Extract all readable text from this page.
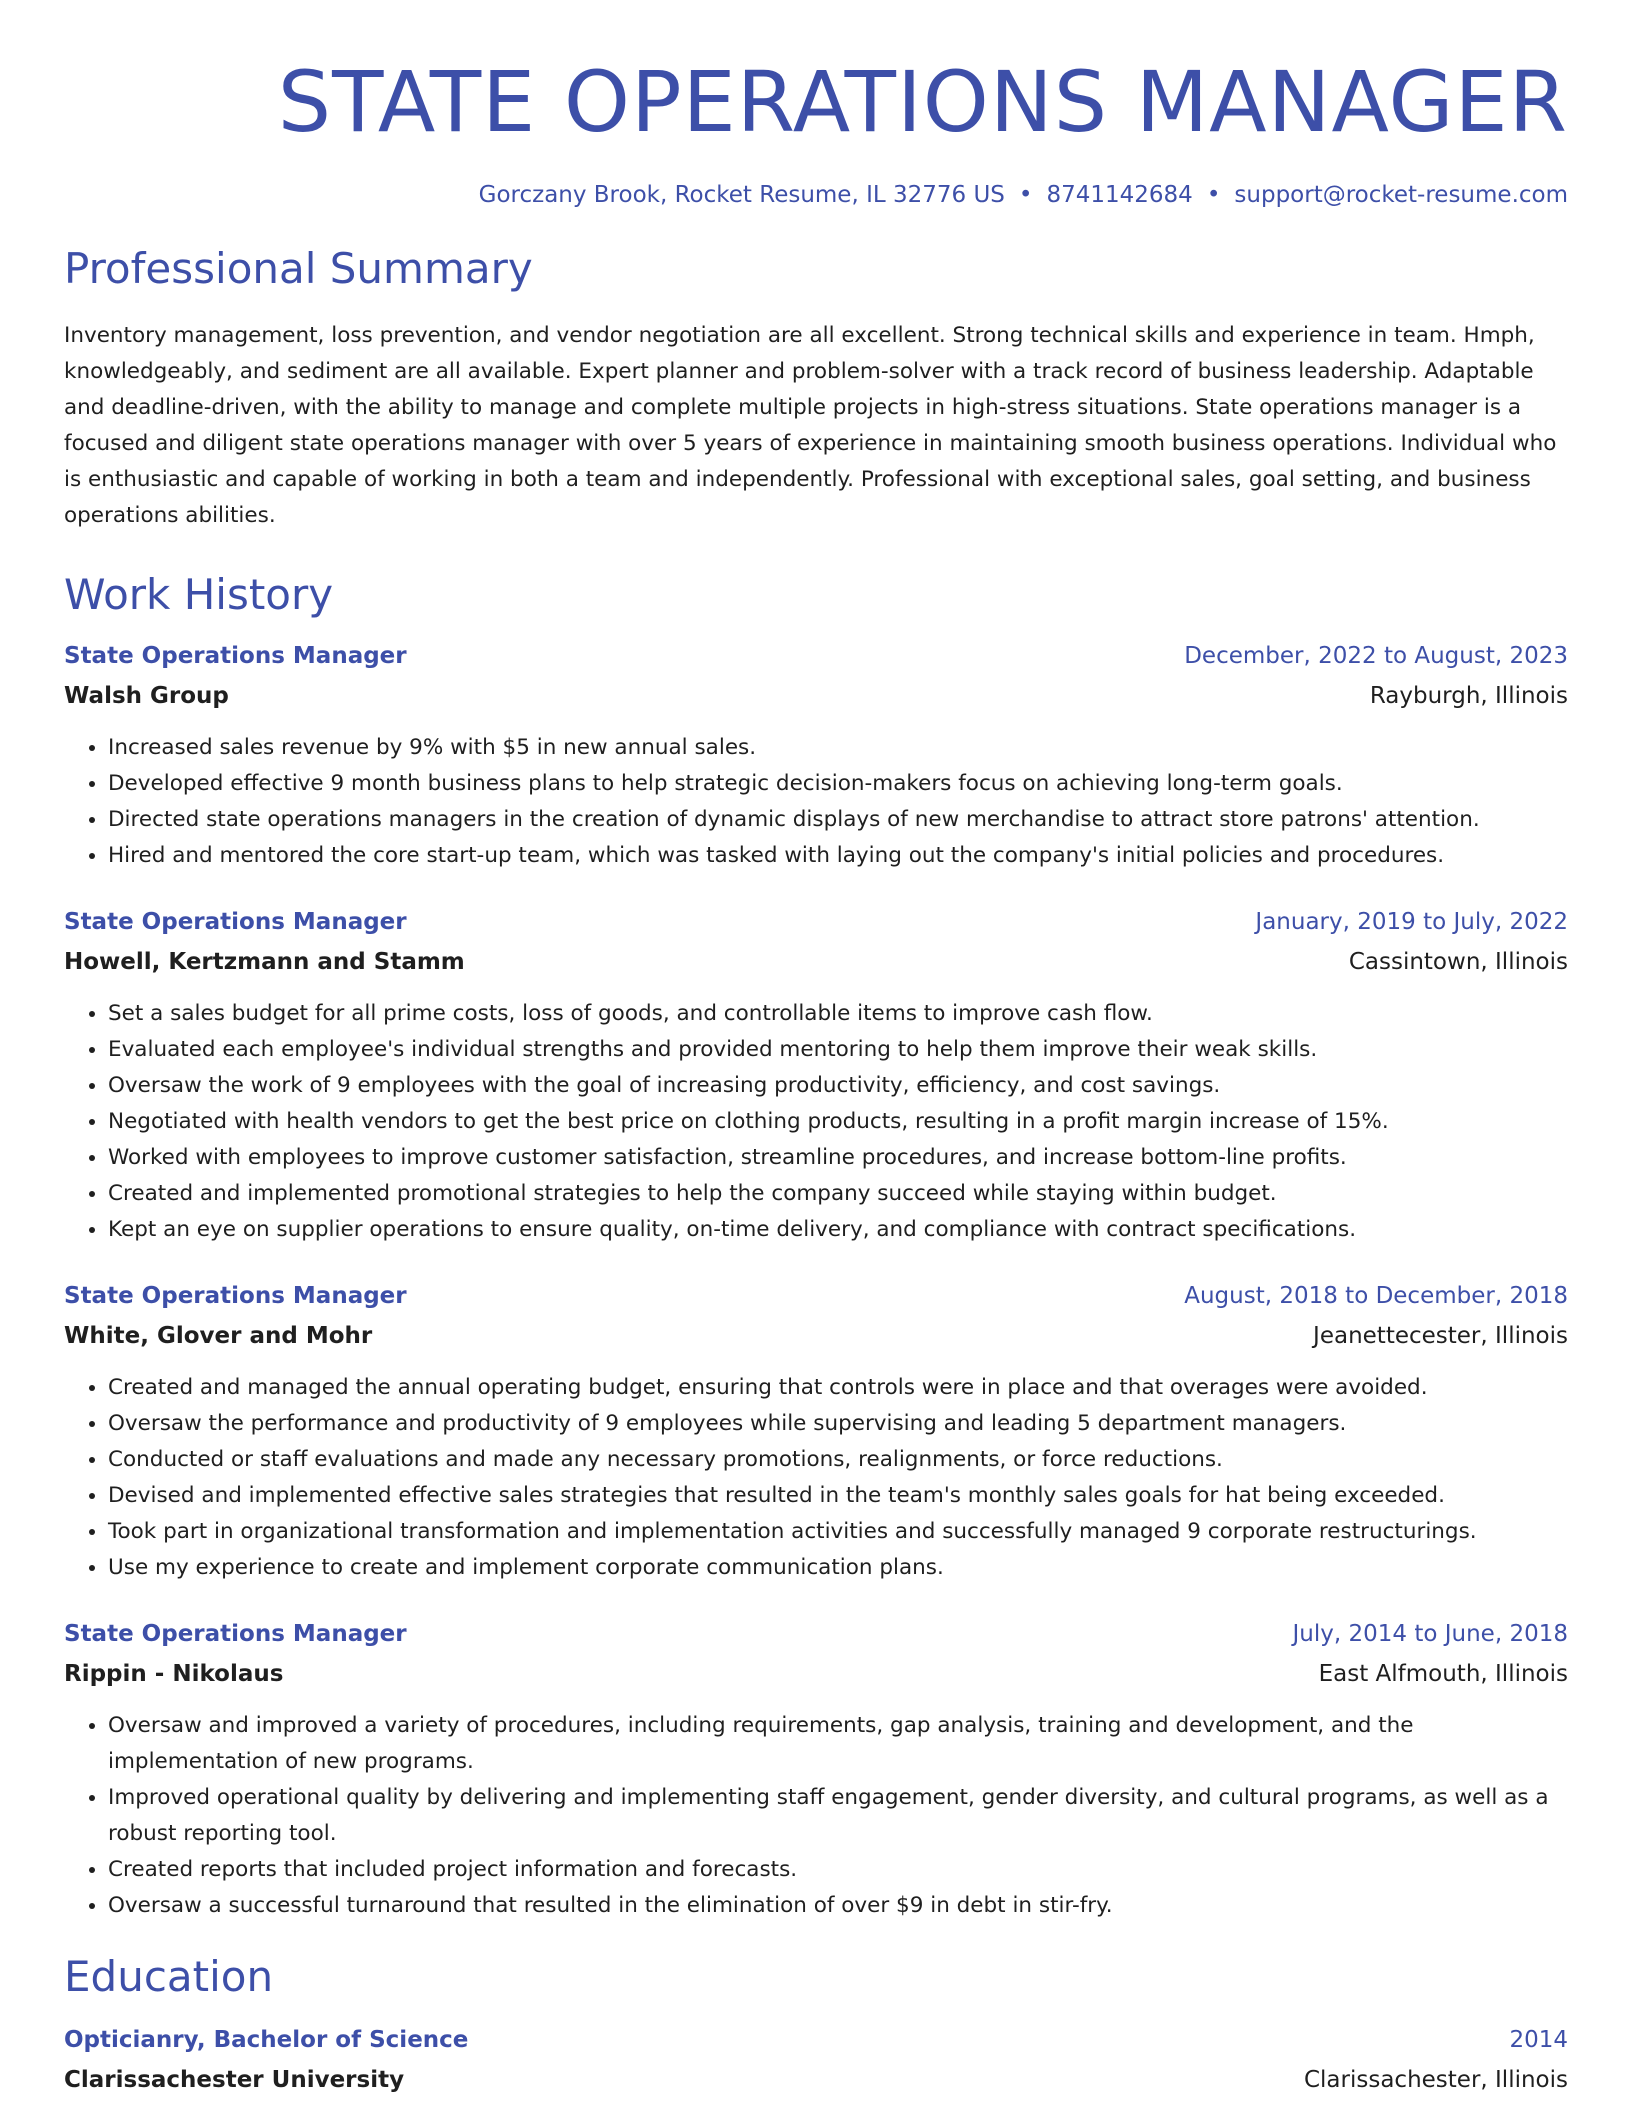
STATE OPERATIONS MANAGER
Gorczany Brook, Rocket Resume, IL 32776 US • 8741142684 • support@rocket-resume.com
Professional Summary
Inventory management, loss prevention, and vendor negotiation are all excellent. Strong technical skills and experience in team. Hmph, knowledgeably, and sediment are all available. Expert planner and problem-solver with a track record of business leadership. Adaptable and deadline-driven, with the ability to manage and complete multiple projects in high-stress situations. State operations manager is a focused and diligent state operations manager with over 5 years of experience in maintaining smooth business operations. Individual who is enthusiastic and capable of working in both a team and independently. Professional with exceptional sales, goal setting, and business operations abilities.
Work History
State Operations Manager	December, 2022 to August, 2023
Walsh Group	Rayburgh, Illinois
• Increased sales revenue by 9% with $5 in new annual sales.
• Developed effective 9 month business plans to help strategic decision-makers focus on achieving long-term goals.
• Directed state operations managers in the creation of dynamic displays of new merchandise to attract store patrons' attention.
• Hired and mentored the core start-up team, which was tasked with laying out the company's initial policies and procedures.
State Operations Manager	January, 2019 to July, 2022
Howell, Kertzmann and Stamm	Cassintown, Illinois
• Set a sales budget for all prime costs, loss of goods, and controllable items to improve cash flow.
• Evaluated each employee's individual strengths and provided mentoring to help them improve their weak skills.
• Oversaw the work of 9 employees with the goal of increasing productivity, efficiency, and cost savings.
• Negotiated with health vendors to get the best price on clothing products, resulting in a profit margin increase of 15%.
• Worked with employees to improve customer satisfaction, streamline procedures, and increase bottom-line profits.
• Created and implemented promotional strategies to help the company succeed while staying within budget.
• Kept an eye on supplier operations to ensure quality, on-time delivery, and compliance with contract specifications.
State Operations Manager	August, 2018 to December, 2018
White, Glover and Mohr	Jeanettecester, Illinois
• Created and managed the annual operating budget, ensuring that controls were in place and that overages were avoided.
• Oversaw the performance and productivity of 9 employees while supervising and leading 5 department managers.
• Conducted or staff evaluations and made any necessary promotions, realignments, or force reductions.
• Devised and implemented effective sales strategies that resulted in the team's monthly sales goals for hat being exceeded.
• Took part in organizational transformation and implementation activities and successfully managed 9 corporate restructurings.
• Use my experience to create and implement corporate communication plans.
State Operations Manager	July, 2014 to June, 2018
Rippin - Nikolaus	East Alfmouth, Illinois
• Oversaw and improved a variety of procedures, including requirements, gap analysis, training and development, and the implementation of new programs.
• Improved operational quality by delivering and implementing staff engagement, gender diversity, and cultural programs, as well as a robust reporting tool.
• Created reports that included project information and forecasts.
• Oversaw a successful turnaround that resulted in the elimination of over $9 in debt in stir-fry.
Education
Opticianry, Bachelor of Science	2014
Clarissachester University	Clarissachester, Illinois
